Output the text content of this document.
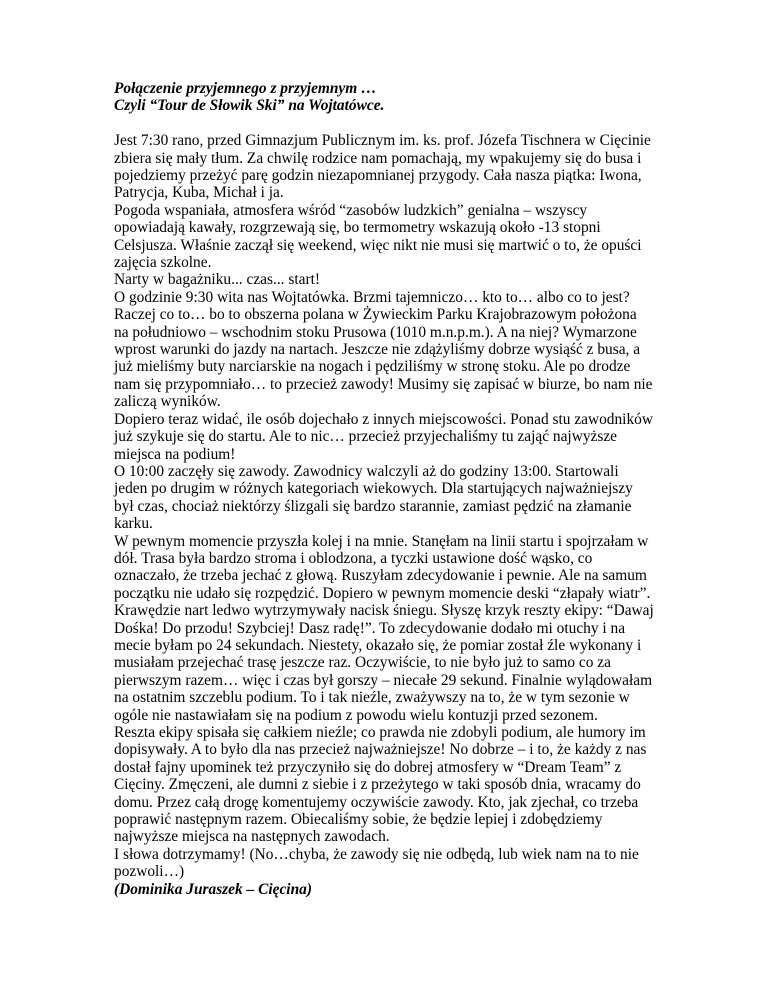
Połączenie przyjemnego z przyjemnym …
Czyli “Tour de Słowik Ski” na Wojtatówce.

Jest 7:30 rano, przed Gimnazjum Publicznym im. ks. prof. Józefa Tischnera w Cięcinie zbiera się mały tłum. Za chwilę rodzice nam pomachają, my wpakujemy się do busa i pojedziemy przeżyć parę godzin niezapomnianej przygody. Cała nasza piątka: Iwona, Patrycja, Kuba, Michał i ja.

Pogoda wspaniała, atmosfera wśród “zasobów ludzkich” genialna – wszyscy opowiadają kawały, rozgrzewają się, bo termometry wskazują około -13 stopni Celsjusza. Właśnie zaczął się weekend, więc nikt nie musi się martwić o to, że opuści zajęcia szkolne.

Narty w bagażniku... czas... start!

O godzinie 9:30 wita nas Wojtatówka. Brzmi tajemniczo… kto to… albo co to jest?

Raczej co to… bo to obszerna polana w Żywieckim Parku Krajobrazowym położona na południowo – wschodnim stoku Prusowa (1010 m.n.p.m.). A na niej? Wymarzone wprost warunki do jazdy na nartach. Jeszcze nie zdążyliśmy dobrze wysiąść z busa, a już mieliśmy buty narciarskie na nogach i pędziliśmy w stronę stoku. Ale po drodze nam się przypomniało… to przecież zawody! Musimy się zapisać w biurze, bo nam nie zaliczą wyników.

Dopiero teraz widać, ile osób dojechało z innych miejscowości. Ponad stu zawodników już szykuje się do startu. Ale to nic… przecież przyjechaliśmy tu zająć najwyższe miejsca na podium!

O 10:00 zaczęły się zawody. Zawodnicy walczyli aż do godziny 13:00. Startowali jeden po drugim w różnych kategoriach wiekowych. Dla startujących najważniejszy był czas, chociaż niektórzy ślizgali się bardzo starannie, zamiast pędzić na złamanie karku.

W pewnym momencie przyszła kolej i na mnie. Stanęłam na linii startu i spojrzałam w dół. Trasa była bardzo stroma i oblodzona, a tyczki ustawione dość wąsko, co oznaczało, że trzeba jechać z głową. Ruszyłam zdecydowanie i pewnie. Ale na samum początku nie udało się rozpędzić. Dopiero w pewnym momencie deski “złapały wiatr”. Krawędzie nart ledwo wytrzymywały nacisk śniegu. Słyszę krzyk reszty ekipy: “Dawaj Dośka! Do przodu! Szybciej! Dasz radę!”. To zdecydowanie dodało mi otuchy i na mecie byłam po 24 sekundach. Niestety, okazało się, że pomiar został źle wykonany i musiałam przejechać trasę jeszcze raz. Oczywiście, to nie było już to samo co za pierwszym razem… więc i czas był gorszy – niecałe 29 sekund. Finalnie wylądowałam na ostatnim szczeblu podium. To i tak nieźle, zważywszy na to, że w tym sezonie w ogóle nie nastawiałam się na podium z powodu wielu kontuzji przed sezonem.

Reszta ekipy spisała się całkiem nieźle; co prawda nie zdobyli podium, ale humory im dopisywały. A to było dla nas przecież najważniejsze! No dobrze – i to, że każdy z nas dostał fajny upominek też przyczyniło się do dobrej atmosfery w “Dream Team” z Cięciny. Zmęczeni, ale dumni z siebie i z przeżytego w taki sposób dnia, wracamy do domu. Przez całą drogę komentujemy oczywiście zawody. Kto, jak zjechał, co trzeba poprawić następnym razem. Obiecaliśmy sobie, że będzie lepiej i zdobędziemy najwyższe miejsca na następnych zawodach.

I słowa dotrzymamy! (No…chyba, że zawody się nie odbędą, lub wiek nam na to nie pozwoli…)

(Dominika Juraszek – Cięcina)
